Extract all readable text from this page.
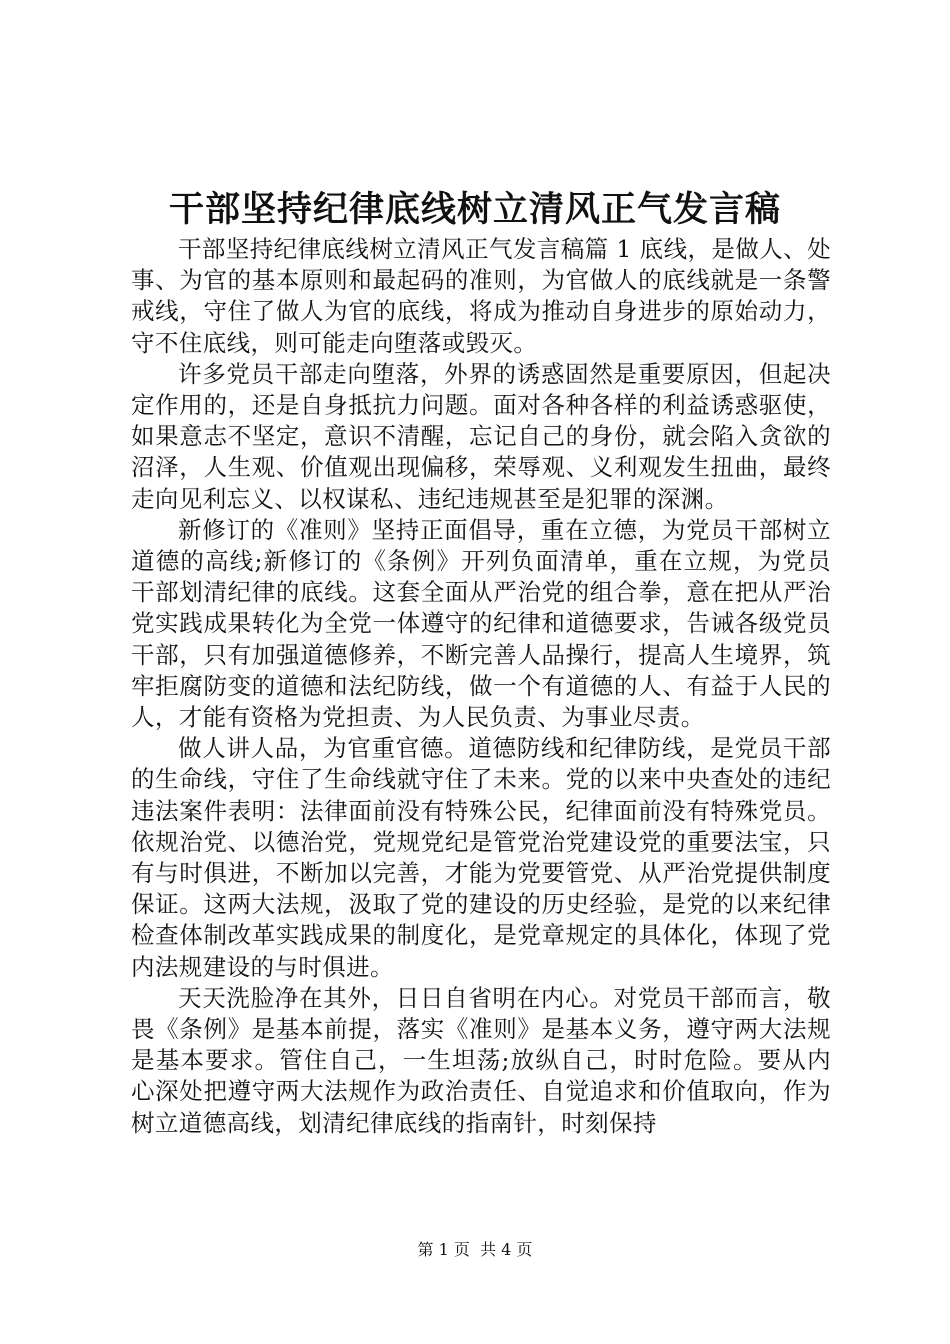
干部坚持纪律底线树立清风正气发言稿

干部坚持纪律底线树立清风正气发言稿篇 1 底线，是做人、处事、为官的基本原则和最起码的准则，为官做人的底线就是一条警戒线，守住了做人为官的底线，将成为推动自身进步的原始动力，守不住底线，则可能走向堕落或毁灭。

许多党员干部走向堕落，外界的诱惑固然是重要原因，但起决定作用的，还是自身抵抗力问题。面对各种各样的利益诱惑驱使，如果意志不坚定，意识不清醒，忘记自己的身份，就会陷入贪欲的沼泽，人生观、价值观出现偏移，荣辱观、义利观发生扭曲，最终走向见利忘义、以权谋私、违纪违规甚至是犯罪的深渊。

新修订的《准则》坚持正面倡导，重在立德，为党员干部树立道德的高线;新修订的《条例》开列负面清单，重在立规，为党员干部划清纪律的底线。这套全面从严治党的组合拳，意在把从严治党实践成果转化为全党一体遵守的纪律和道德要求，告诫各级党员干部，只有加强道德修养，不断完善人品操行，提高人生境界，筑牢拒腐防变的道德和法纪防线，做一个有道德的人、有益于人民的人，才能有资格为党担责、为人民负责、为事业尽责。

做人讲人品，为官重官德。道德防线和纪律防线，是党员干部的生命线，守住了生命线就守住了未来。党的以来中央查处的违纪违法案件表明：法律面前没有特殊公民，纪律面前没有特殊党员。依规治党、以德治党，党规党纪是管党治党建设党的重要法宝，只有与时俱进，不断加以完善，才能为党要管党、从严治党提供制度保证。这两大法规，汲取了党的建设的历史经验，是党的以来纪律检查体制改革实践成果的制度化，是党章规定的具体化，体现了党内法规建设的与时俱进。

天天洗脸净在其外，日日自省明在内心。对党员干部而言，敬畏《条例》是基本前提，落实《准则》是基本义务，遵守两大法规是基本要求。管住自己，一生坦荡;放纵自己，时时危险。要从内心深处把遵守两大法规作为政治责任、自觉追求和价值取向，作为树立道德高线，划清纪律底线的指南针，时刻保持

第 1 页 共 4 页
